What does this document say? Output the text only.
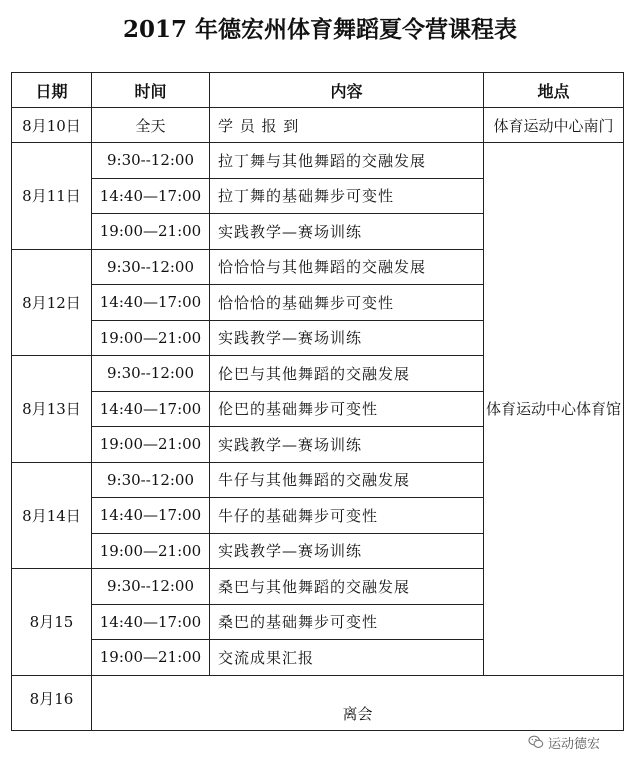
2017 年德宏州体育舞蹈夏令营课程表
日期	时间	内容	地点
8月10日	全天	学 员 报 到	体育运动中心南门
8月11日	9:30--12:00	拉丁舞与其他舞蹈的交融发展	体育运动中心体育馆
	14:40—17:00	拉丁舞的基础舞步可变性	
	19:00—21:00	实践教学—赛场训练	
8月12日	9:30--12:00	恰恰恰与其他舞蹈的交融发展	
	14:40—17:00	恰恰恰的基础舞步可变性	
	19:00—21:00	实践教学—赛场训练	
8月13日	9:30--12:00	伦巴与其他舞蹈的交融发展	
	14:40—17:00	伦巴的基础舞步可变性	
	19:00—21:00	实践教学—赛场训练	
8月14日	9:30--12:00	牛仔与其他舞蹈的交融发展	
	14:40—17:00	牛仔的基础舞步可变性	
	19:00—21:00	实践教学—赛场训练	
8月15	9:30--12:00	桑巴与其他舞蹈的交融发展	
	14:40—17:00	桑巴的基础舞步可变性	
	19:00—21:00	交流成果汇报	
8月16	离会		
运动德宏
